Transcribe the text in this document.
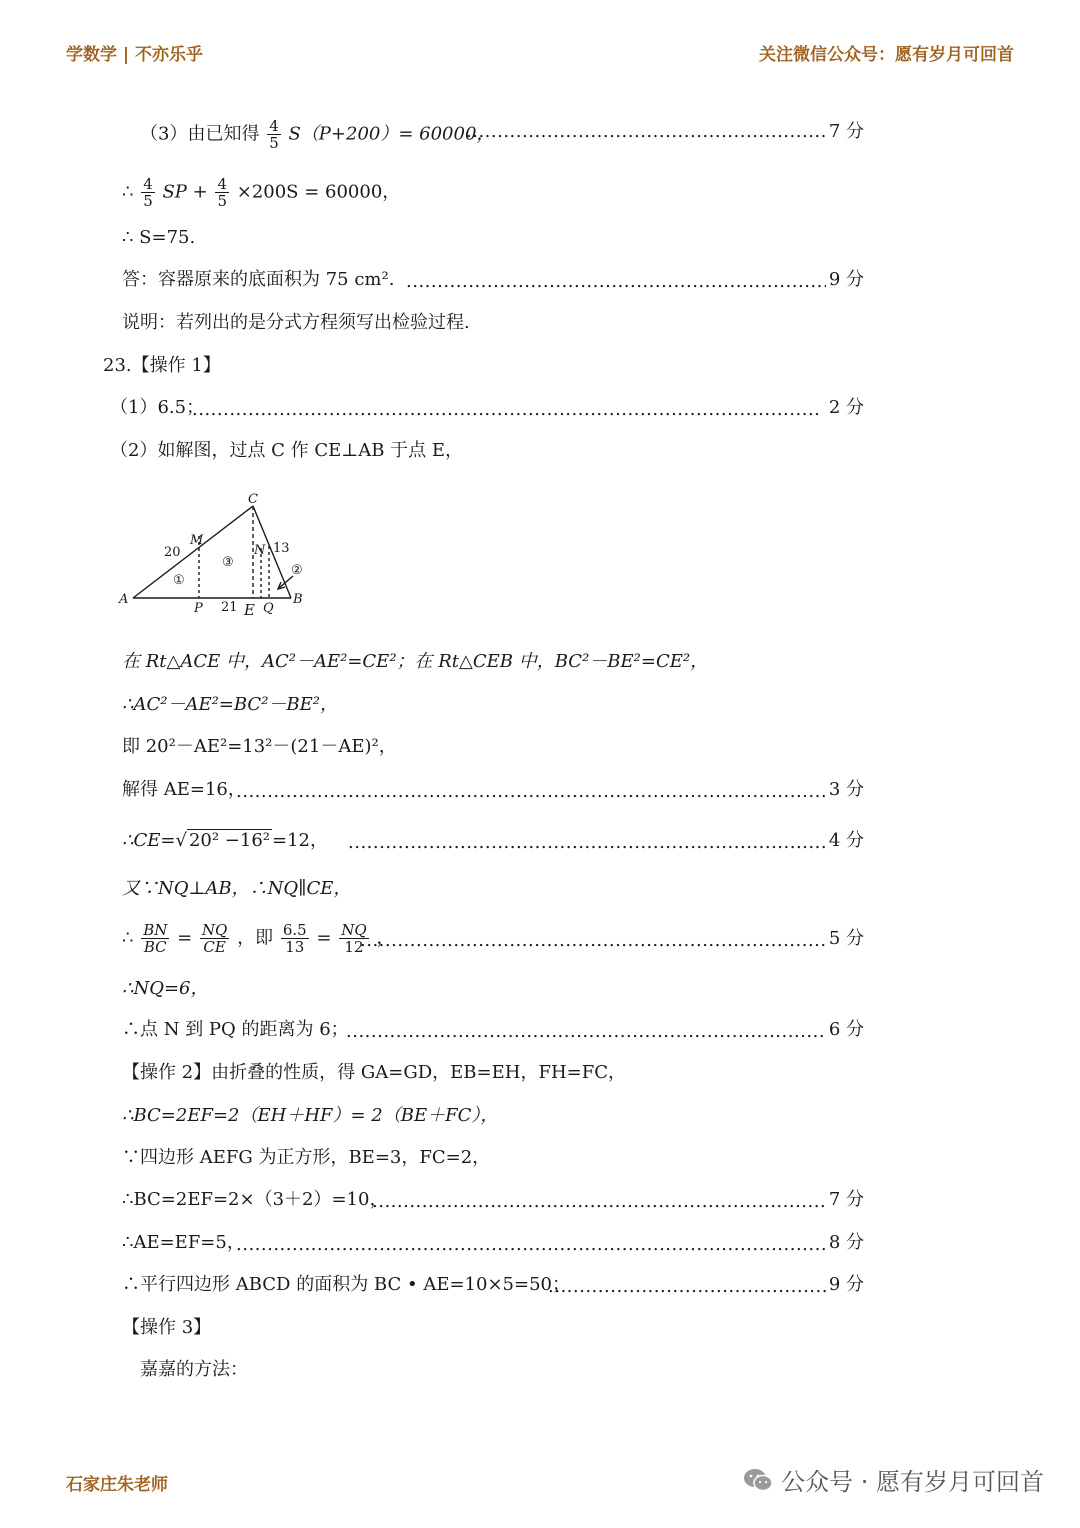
学数学 | 不亦乐乎	关注微信公众号：愿有岁月可回首
（3）由已知得 $\frac{4}{5} S(P+200)= 60000$， .....	7 分
∴ $\frac{4}{5}$ SP + $\frac{4}{5} \times 200S = 60000$，
∴ S=75.
答：容器原来的底面积为 75 cm². .....	9 分
说明：若列出的是分式方程须写出检验过程.
23.【操作 1】
（1）6.5； .....	2 分
（2）如解图，过点 C 作 CE⊥AB 于点 E，
A	B
C
M
N
P	E Q
20
21
13
①
②
③
在 Rt△ACE 中，AC²－AE²=CE²；在 Rt△CEB 中，BC²－BE²=CE²，
∴AC²－AE²=BC²－BE²，
即 20²－AE²=13²－(21－AE)²，
解得 AE=16， .....	3 分
∴CE=√ 20² −16² =12， .....	4 分
又∵NQ⊥AB，∴NQ∥CE，
∴ $\frac{BN}{BC} = \frac{NQ}{CE}$ ，即 $\frac{6.5}{13} = \frac{NQ}{12}$ ， .....	5 分
∴NQ=6，
∴点 N 到 PQ 的距离为 6； .....	6 分
【操作 2】由折叠的性质，得 GA=GD，EB=EH，FH=FC，
∴BC=2EF=2（EH＋HF）= 2（BE＋FC），
∵四边形 AEFG 为正方形，BE=3，FC=2，
∴BC=2EF=2×（3＋2）=10， .....	7 分
∴AE=EF=5， .....	8 分
∴平行四边形 ABCD 的面积为 BC • AE=10×5=50； .....	9 分
【操作 3】
嘉嘉的方法：
石家庄朱老师	公众号 · 愿有岁月可回首
